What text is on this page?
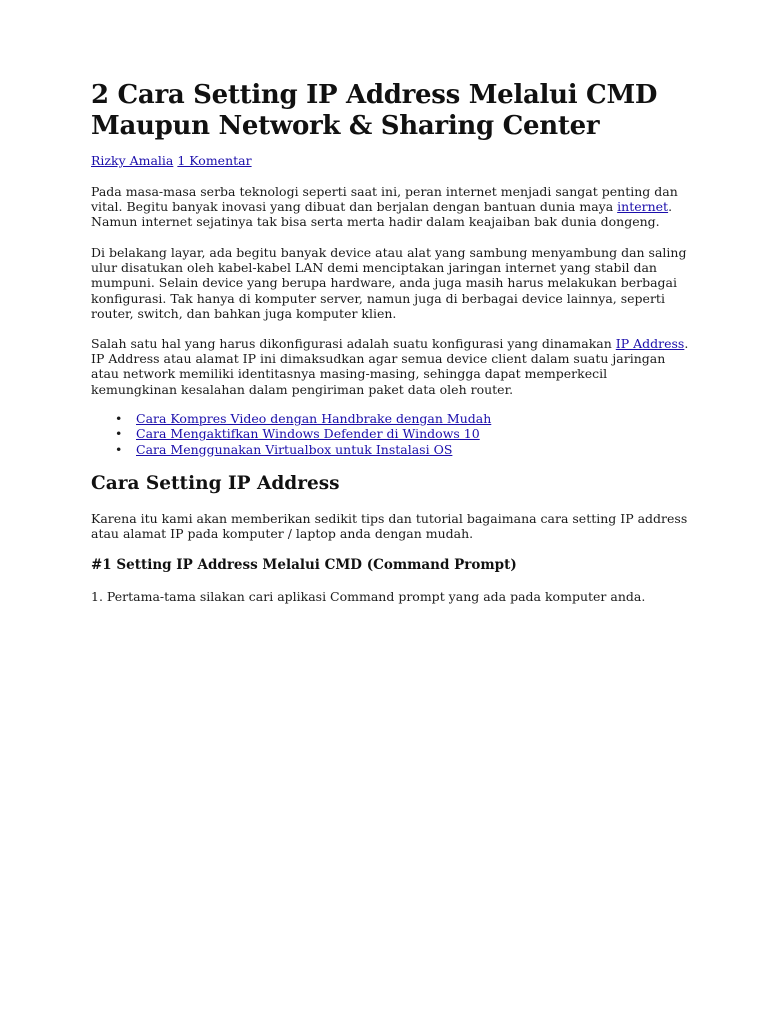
2 Cara Setting IP Address Melalui CMD Maupun Network & Sharing Center
Rizky Amalia 1 Komentar

Pada masa-masa serba teknologi seperti saat ini, peran internet menjadi sangat penting dan vital. Begitu banyak inovasi yang dibuat dan berjalan dengan bantuan dunia maya internet. Namun internet sejatinya tak bisa serta merta hadir dalam keajaiban bak dunia dongeng.

Di belakang layar, ada begitu banyak device atau alat yang sambung menyambung dan saling ulur disatukan oleh kabel-kabel LAN demi menciptakan jaringan internet yang stabil dan mumpuni. Selain device yang berupa hardware, anda juga masih harus melakukan berbagai konfigurasi. Tak hanya di komputer server, namun juga di berbagai device lainnya, seperti router, switch, dan bahkan juga komputer klien.

Salah satu hal yang harus dikonfigurasi adalah suatu konfigurasi yang dinamakan IP Address. IP Address atau alamat IP ini dimaksudkan agar semua device client dalam suatu jaringan atau network memiliki identitasnya masing-masing, sehingga dapat memperkecil kemungkinan kesalahan dalam pengiriman paket data oleh router.

• Cara Kompres Video dengan Handbrake dengan Mudah
• Cara Mengaktifkan Windows Defender di Windows 10
• Cara Menggunakan Virtualbox untuk Instalasi OS
Cara Setting IP Address

Karena itu kami akan memberikan sedikit tips dan tutorial bagaimana cara setting IP address atau alamat IP pada komputer / laptop anda dengan mudah.

#1 Setting IP Address Melalui CMD (Command Prompt)

1. Pertama-tama silakan cari aplikasi Command prompt yang ada pada komputer anda.
